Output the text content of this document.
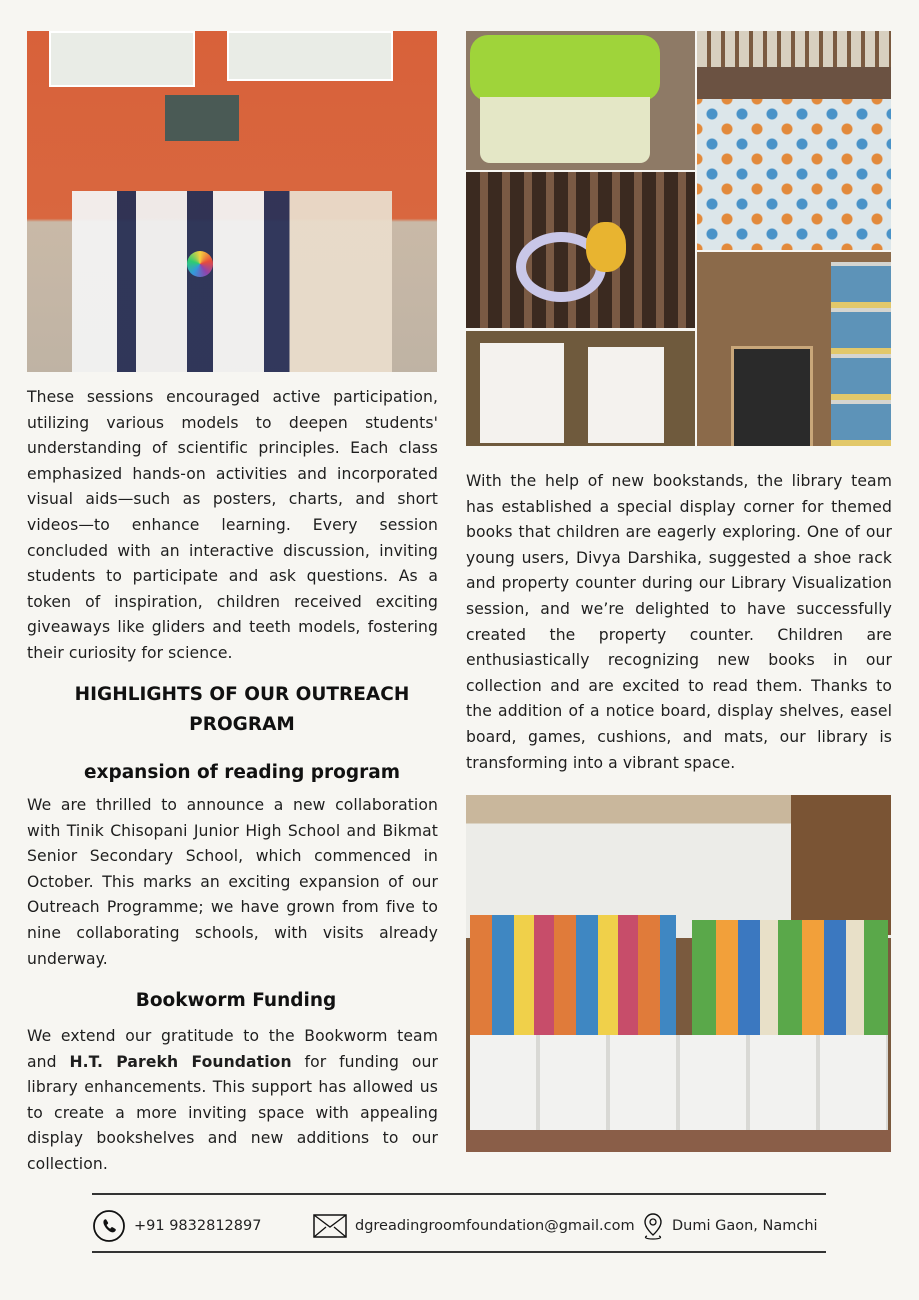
These sessions encouraged active participation, utilizing various models to deepen students' understanding of scientific principles. Each class emphasized hands-on activities and incorporated visual aids—such as posters, charts, and short videos—to enhance learning. Every session concluded with an interactive discussion, inviting students to participate and ask questions. As a token of inspiration, children received exciting giveaways like gliders and teeth models, fostering their curiosity for science.
HIGHLIGHTS OF OUR OUTREACH PROGRAM
expansion of reading program
We are thrilled to announce a new collaboration with Tinik Chisopani Junior High School and Bikmat Senior Secondary School, which commenced in October. This marks an exciting expansion of our Outreach Programme; we have grown from five to nine collaborating schools, with visits already underway.
Bookworm Funding
We extend our gratitude to the Bookworm team and H.T. Parekh Foundation for funding our library enhancements. This support has allowed us to create a more inviting space with appealing display bookshelves and new additions to our collection.
With the help of new bookstands, the library team has established a special display corner for themed books that children are eagerly exploring. One of our young users, Divya Darshika, suggested a shoe rack and property counter during our Library Visualization session, and we’re delighted to have successfully created the property counter. Children are enthusiastically recognizing new books in our collection and are excited to read them. Thanks to the addition of a notice board, display shelves, easel board, games, cushions, and mats, our library is transforming into a vibrant space.
+91 9832812897	dgreadingroomfoundation@gmail.com	Dumi Gaon, Namchi
